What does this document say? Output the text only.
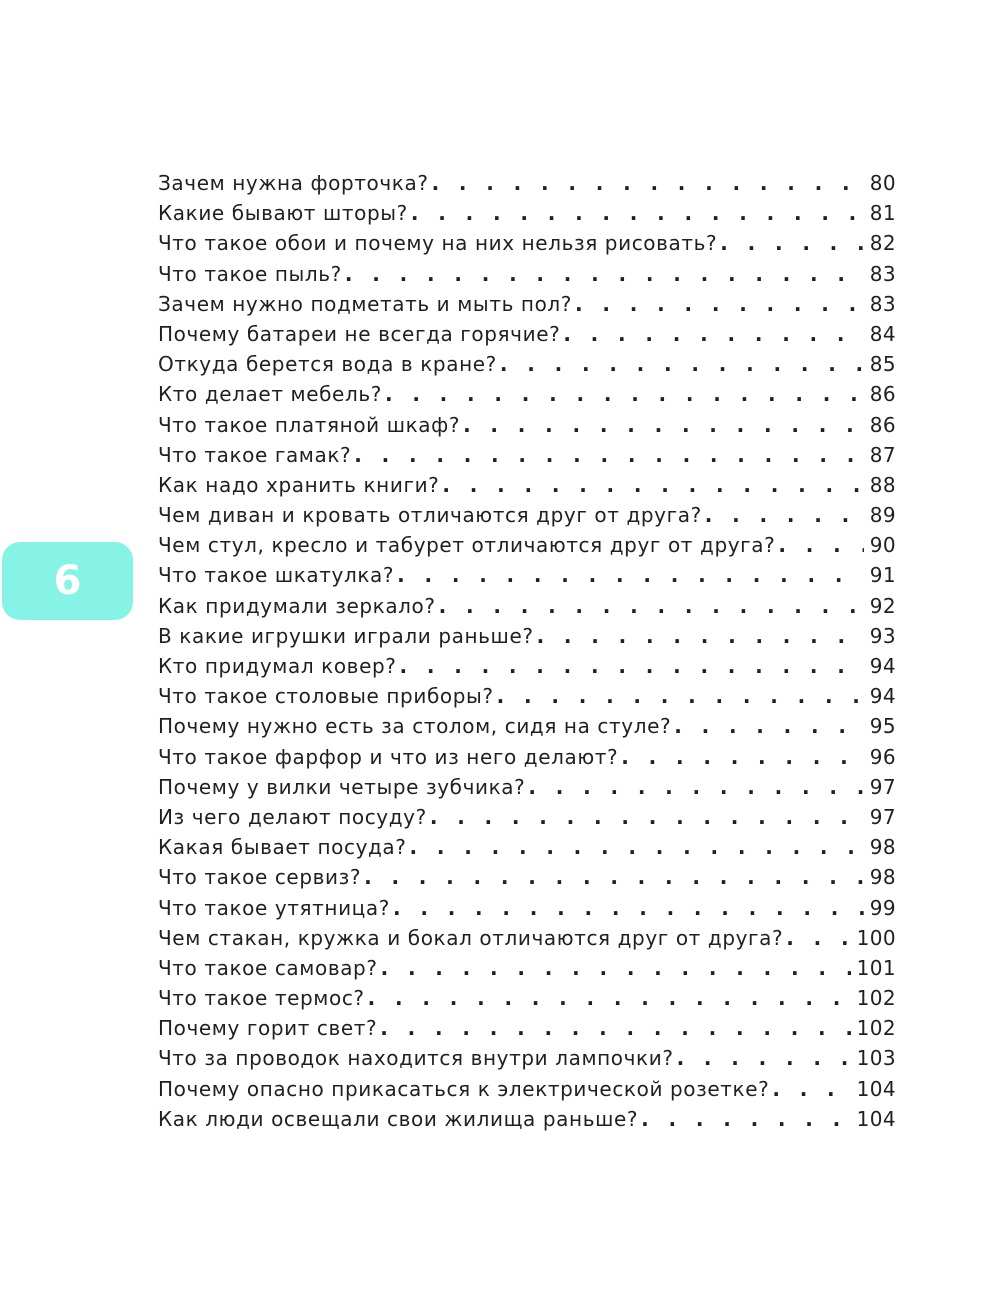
6
Зачем нужна форточка? . . .	80
Какие бывают шторы? . . .	81
Что такое обои и почему на них нельзя рисовать? . . .	82
Что такое пыль? . . .	83
Зачем нужно подметать и мыть пол? . . .	83
Почему батареи не всегда горячие? . . .	84
Откуда берется вода в кране? . . .	85
Кто делает мебель? . . .	86
Что такое платяной шкаф? . . .	86
Что такое гамак? . . .	87
Как надо хранить книги? . . .	88
Чем диван и кровать отличаются друг от друга? . . .	89
Чем стул, кресло и табурет отличаются друг от друга? . . .	90
Что такое шкатулка? . . .	91
Как придумали зеркало? . . .	92
В какие игрушки играли раньше? . . .	93
Кто придумал ковер? . . .	94
Что такое столовые приборы? . . .	94
Почему нужно есть за столом, сидя на стуле? . . .	95
Что такое фарфор и что из него делают? . . .	96
Почему у вилки четыре зубчика? . . .	97
Из чего делают посуду? . . .	97
Какая бывает посуда? . . .	98
Что такое сервиз? . . .	98
Что такое утятница? . . .	99
Чем стакан, кружка и бокал отличаются друг от друга? . . .	100
Что такое самовар? . . .	101
Что такое термос? . . .	102
Почему горит свет? . . .	102
Что за проводок находится внутри лампочки? . . .	103
Почему опасно прикасаться к электрической розетке? . . .	104
Как люди освещали свои жилища раньше? . . .	104
